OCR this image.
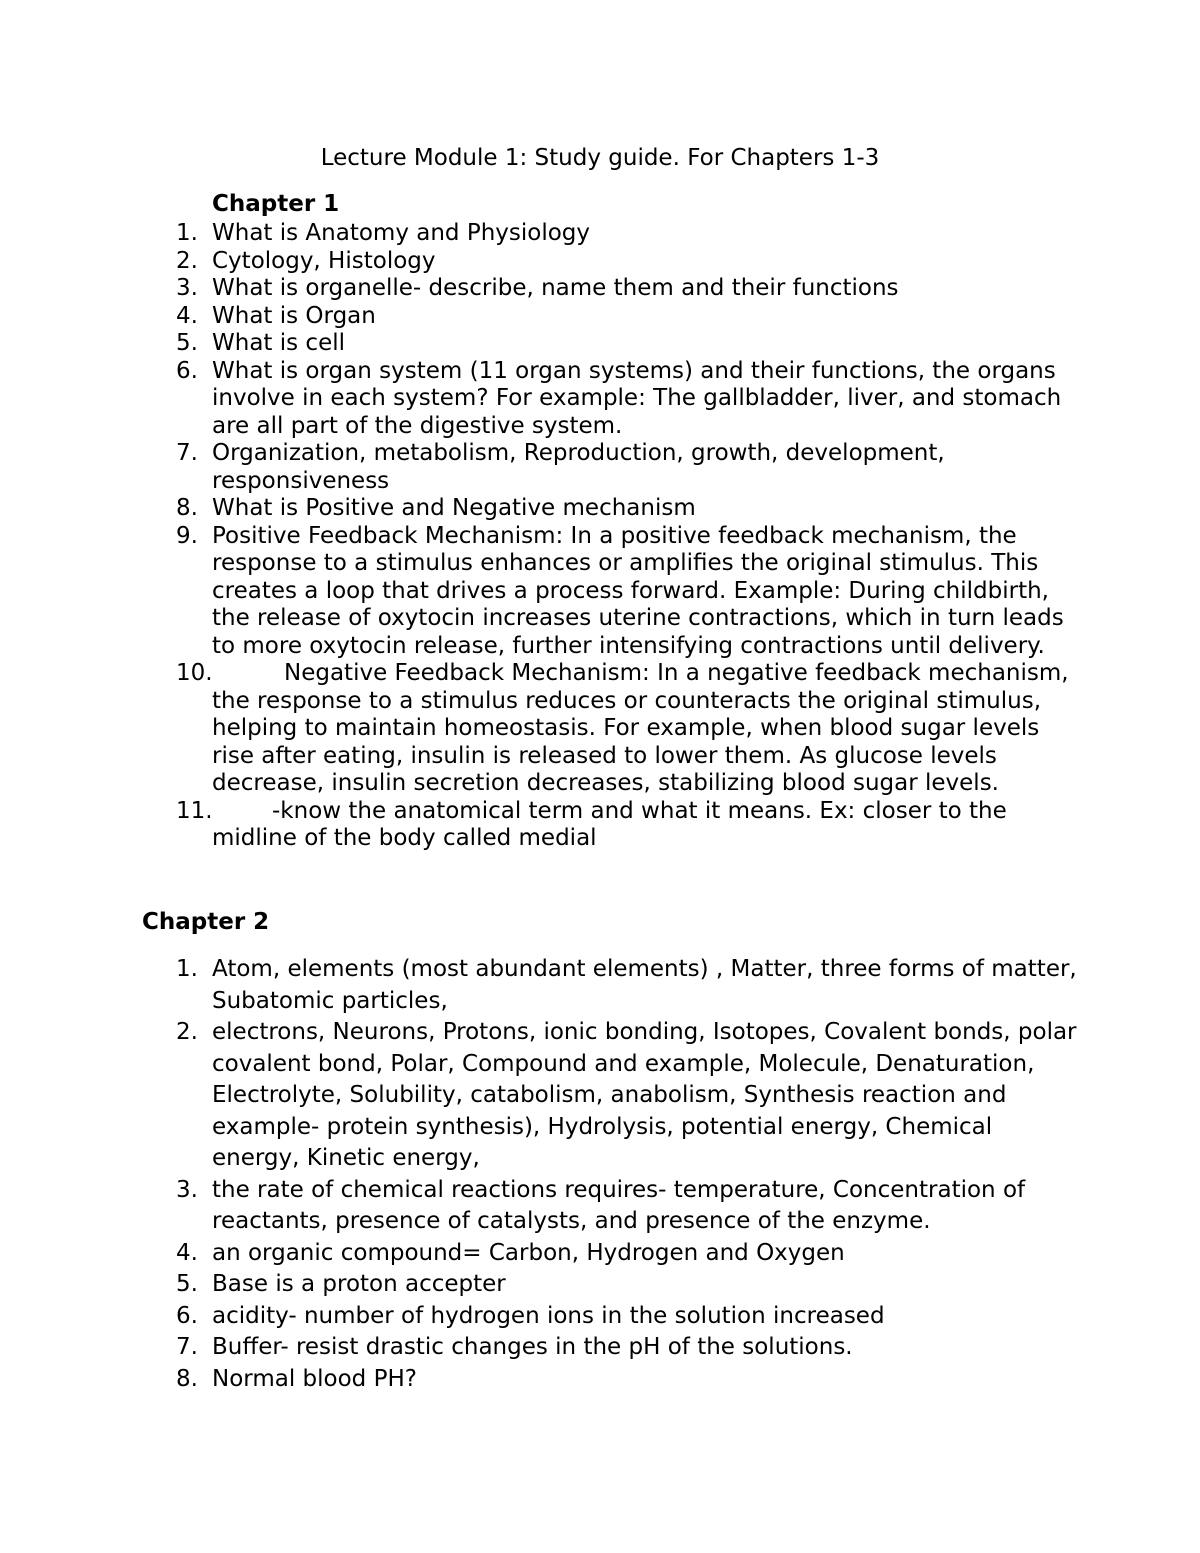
Lecture Module 1: Study guide. For Chapters 1-3
Chapter 1
1. What is Anatomy and Physiology
2. Cytology, Histology
3. What is organelle- describe, name them and their functions
4. What is Organ
5. What is cell
6. What is organ system (11 organ systems) and their functions, the organs involve in each system? For example: The gallbladder, liver, and stomach are all part of the digestive system.
7. Organization, metabolism, Reproduction, growth, development, responsiveness
8. What is Positive and Negative mechanism
9. Positive Feedback Mechanism: In a positive feedback mechanism, the response to a stimulus enhances or amplifies the original stimulus. This creates a loop that drives a process forward. Example: During childbirth, the release of oxytocin increases uterine contractions, which in turn leads to more oxytocin release, further intensifying contractions until delivery.
10.	Negative Feedback Mechanism: In a negative feedback mechanism, the response to a stimulus reduces or counteracts the original stimulus, helping to maintain homeostasis. For example, when blood sugar levels rise after eating, insulin is released to lower them. As glucose levels decrease, insulin secretion decreases, stabilizing blood sugar levels.
11.	-know the anatomical term and what it means. Ex: closer to the midline of the body called medial
Chapter 2
1. Atom, elements (most abundant elements) , Matter, three forms of matter, Subatomic particles,
2. electrons, Neurons, Protons, ionic bonding, Isotopes, Covalent bonds, polar covalent bond, Polar, Compound and example, Molecule, Denaturation, Electrolyte, Solubility, catabolism, anabolism, Synthesis reaction and example- protein synthesis), Hydrolysis, potential energy, Chemical energy, Kinetic energy,
3. the rate of chemical reactions requires- temperature, Concentration of reactants, presence of catalysts, and presence of the enzyme.
4. an organic compound= Carbon, Hydrogen and Oxygen
5. Base is a proton accepter
6. acidity- number of hydrogen ions in the solution increased
7. Buffer- resist drastic changes in the pH of the solutions.
8. Normal blood PH?
